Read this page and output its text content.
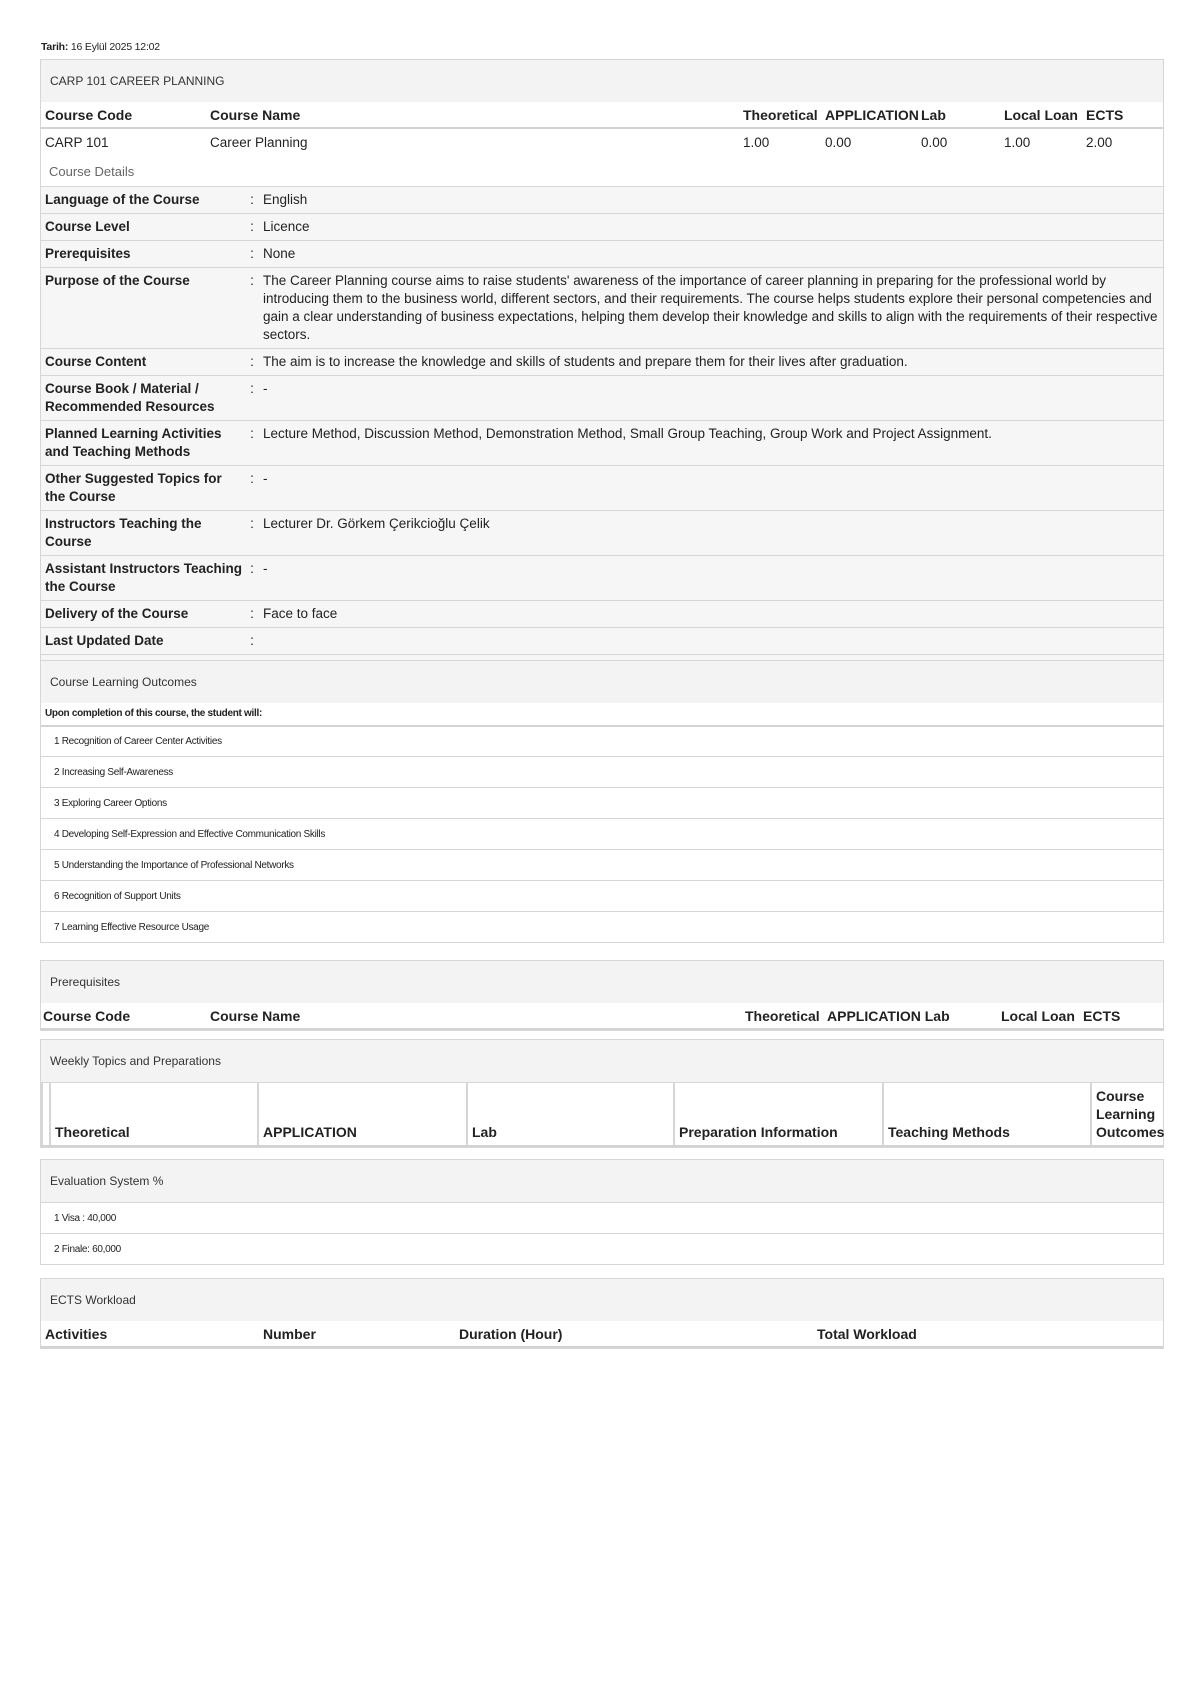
Tarih: 16 Eylül 2025 12:02
CARP 101 CAREER PLANNING
Course Code	Course Name	Theoretical	APPLICATION	Lab	Local Loan	ECTS
CARP 101	Career Planning	1.00	0.00	0.00	1.00	2.00
Course Details
Language of the Course	:	English
Course Level	:	Licence
Prerequisites	:	None
Purpose of the Course	:	The Career Planning course aims to raise students' awareness of the importance of career planning in preparing for the professional world by introducing them to the business world, different sectors, and their requirements. The course helps students explore their personal competencies and gain a clear understanding of business expectations, helping them develop their knowledge and skills to align with the requirements of their respective sectors.
Course Content	:	The aim is to increase the knowledge and skills of students and prepare them for their lives after graduation.
Course Book / Material / Recommended Resources	:	-
Planned Learning Activities and Teaching Methods	:	Lecture Method, Discussion Method, Demonstration Method, Small Group Teaching, Group Work and Project Assignment.
Other Suggested Topics for the Course	:	-
Instructors Teaching the Course	:	Lecturer Dr. Görkem Çerikcioğlu Çelik
Assistant Instructors Teaching the Course	:	-
Delivery of the Course	:	Face to face
Last Updated Date	:	

Course Learning Outcomes
Upon completion of this course, the student will:
1 Recognition of Career Center Activities
2 Increasing Self-Awareness
3 Exploring Career Options
4 Developing Self-Expression and Effective Communication Skills
5 Understanding the Importance of Professional Networks
6 Recognition of Support Units
7 Learning Effective Resource Usage
Prerequisites
Course Code	Course Name	Theoretical	APPLICATION Lab	Local Loan	ECTS
Weekly Topics and Preparations
	Theoretical	APPLICATION	Lab	Preparation Information	Teaching Methods	Course Learning Outcomes
Evaluation System %
1 Visa : 40,000
2 Finale: 60,000
ECTS Workload
Activities	Number	Duration (Hour)	Total Workload
